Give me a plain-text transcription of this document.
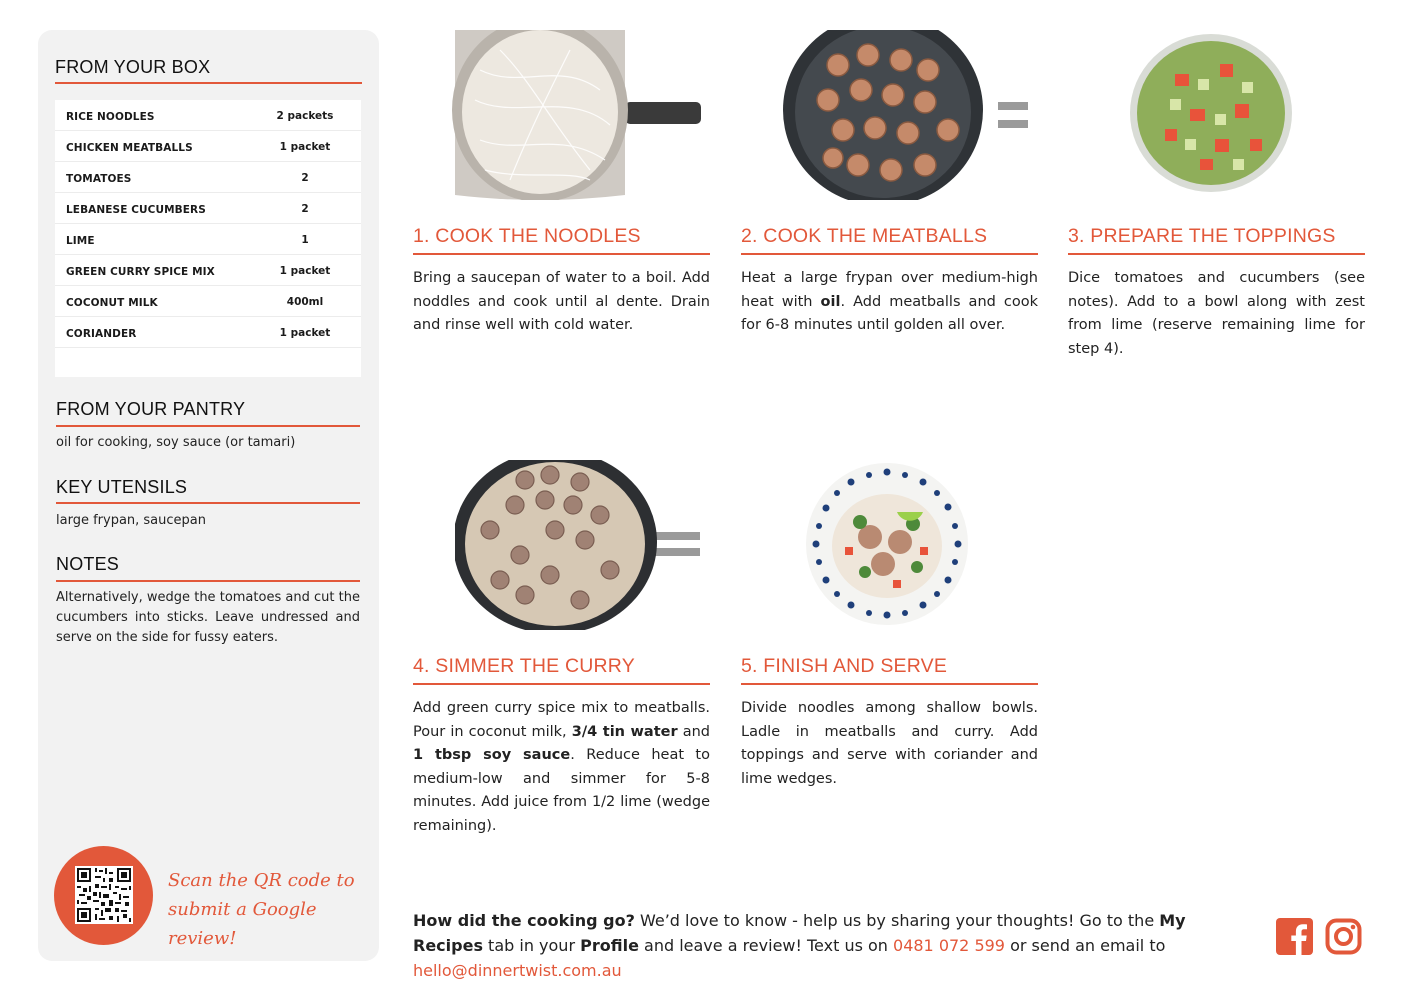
FROM YOUR BOX
RICE NOODLES	2 packets
CHICKEN MEATBALLS	1 packet
TOMATOES	2
LEBANESE CUCUMBERS	2
LIME	1
GREEN CURRY SPICE MIX	1 packet
COCONUT MILK	400ml
CORIANDER	1 packet
FROM YOUR PANTRY
oil for cooking, soy sauce (or tamari)
KEY UTENSILS
large frypan, saucepan
NOTES
Alternatively, wedge the tomatoes and cut the cucumbers into sticks. Leave undressed and serve on the side for fussy eaters.
Scan the QR code to
submit a Google review!
1. COOK THE NOODLES
Bring a saucepan of water to a boil. Add noddles and cook until al dente. Drain and rinse well with cold water.
2. COOK THE MEATBALLS
Heat a large frypan over medium-high heat with oil. Add meatballs and cook for 6-8 minutes until golden all over.
3. PREPARE THE TOPPINGS
Dice tomatoes and cucumbers (see notes). Add to a bowl along with zest from lime (reserve remaining lime for step 4).
4. SIMMER THE CURRY
Add green curry spice mix to meatballs. Pour in coconut milk, 3/4 tin water and 1 tbsp soy sauce. Reduce heat to medium-low and simmer for 5-8 minutes. Add juice from 1/2 lime (wedge remaining).
5. FINISH AND SERVE
Divide noodles among shallow bowls. Ladle in meatballs and curry. Add toppings and serve with coriander and lime wedges.
How did the cooking go? We’d love to know - help us by sharing your thoughts! Go to the My Recipes tab in your Profile and leave a review! Text us on 0481 072 599 or send an email to hello@dinnertwist.com.au
